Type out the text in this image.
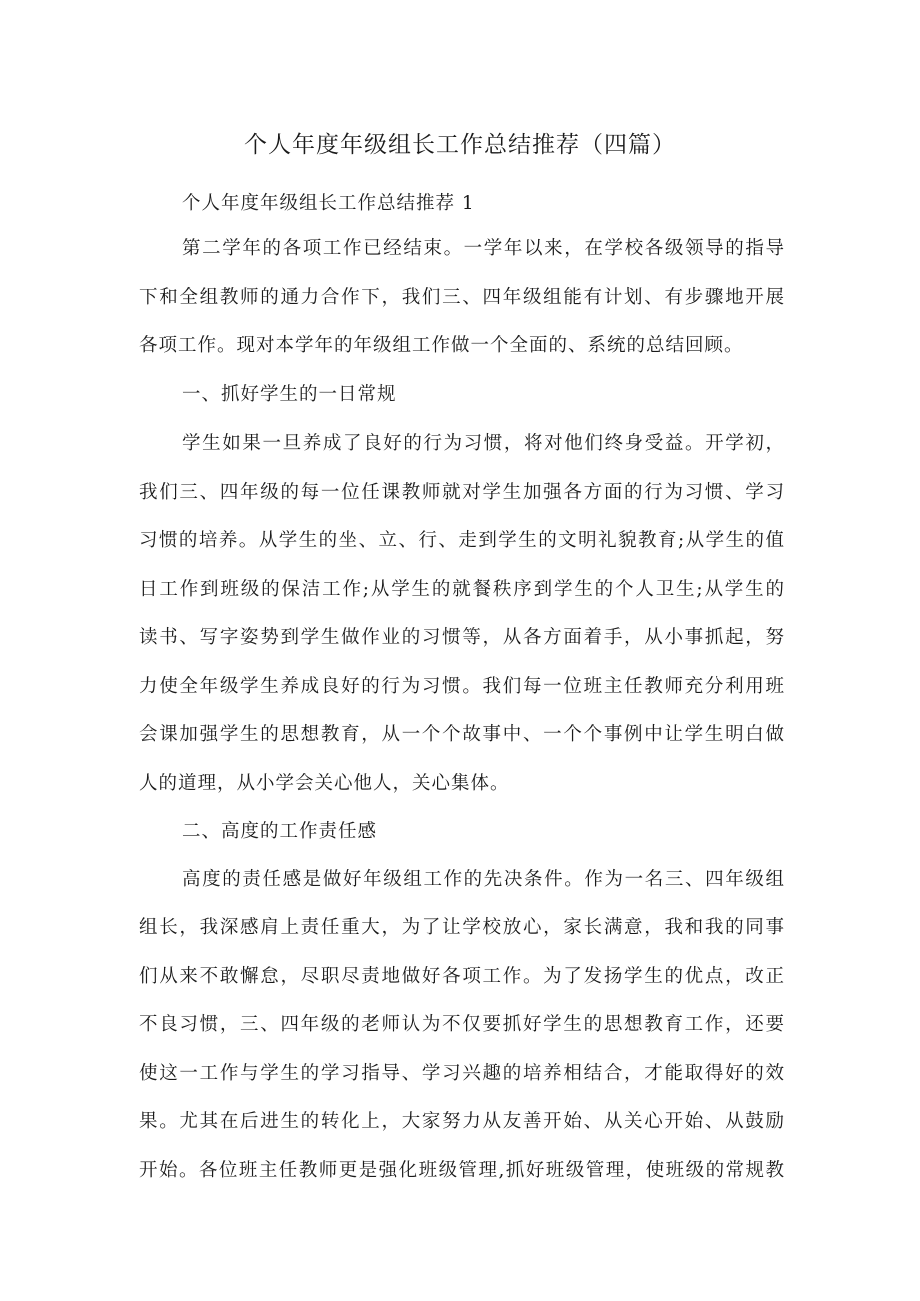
个人年度年级组长工作总结推荐（四篇）

个人年度年级组长工作总结推荐 1

第二学年的各项工作已经结束。一学年以来，在学校各级领导的指导

下和全组教师的通力合作下，我们三、四年级组能有计划、有步骤地开展

各项工作。现对本学年的年级组工作做一个全面的、系统的总结回顾。

一、抓好学生的一日常规

学生如果一旦养成了良好的行为习惯，将对他们终身受益。开学初，

我们三、四年级的每一位任课教师就对学生加强各方面的行为习惯、学习

习惯的培养。从学生的坐、立、行、走到学生的文明礼貌教育;从学生的值

日工作到班级的保洁工作;从学生的就餐秩序到学生的个人卫生;从学生的

读书、写字姿势到学生做作业的习惯等，从各方面着手，从小事抓起，努

力使全年级学生养成良好的行为习惯。我们每一位班主任教师充分利用班

会课加强学生的思想教育，从一个个故事中、一个个事例中让学生明白做

人的道理，从小学会关心他人，关心集体。

二、高度的工作责任感

高度的责任感是做好年级组工作的先决条件。作为一名三、四年级组

组长，我深感肩上责任重大，为了让学校放心，家长满意，我和我的同事

们从来不敢懈怠，尽职尽责地做好各项工作。为了发扬学生的优点，改正

不良习惯，三、四年级的老师认为不仅要抓好学生的思想教育工作，还要

使这一工作与学生的学习指导、学习兴趣的培养相结合，才能取得好的效

果。尤其在后进生的转化上，大家努力从友善开始、从关心开始、从鼓励

开始。各位班主任教师更是强化班级管理,抓好班级管理，使班级的常规教
